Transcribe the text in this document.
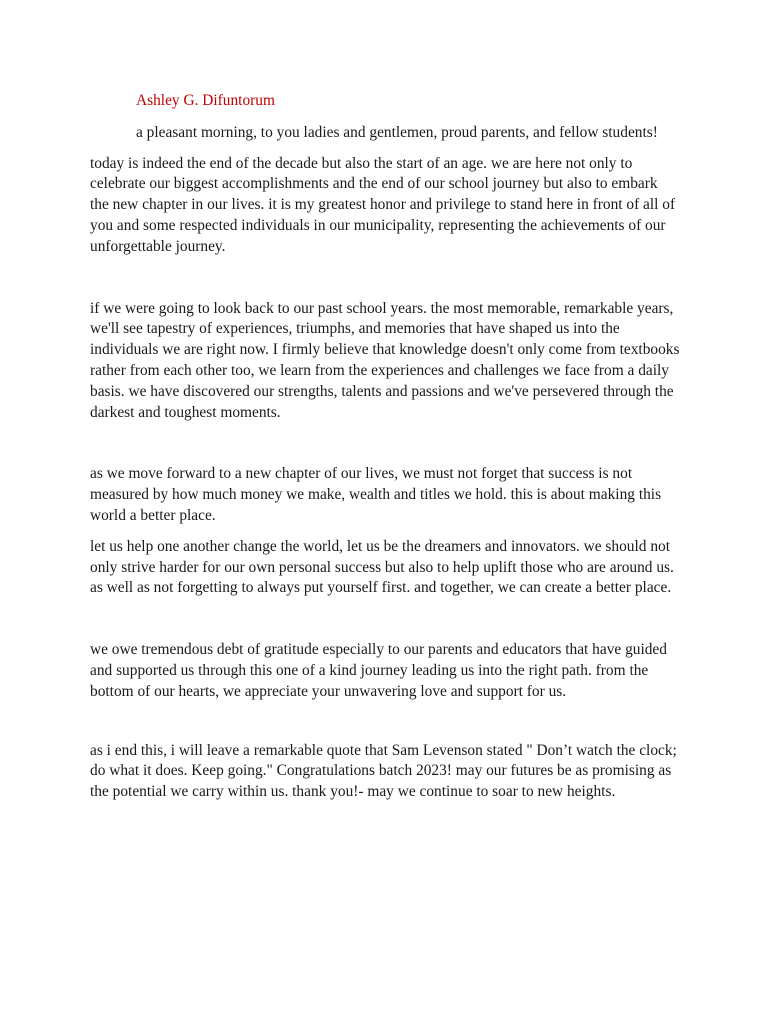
Ashley G. Difuntorum

a pleasant morning, to you ladies and gentlemen, proud parents, and fellow students!

today is indeed the end of the decade but also the start of an age. we are here not only to celebrate our biggest accomplishments and the end of our school journey but also to embark the new chapter in our lives. it is my greatest honor and privilege to stand here in front of all of you and some respected individuals in our municipality, representing the achievements of our unforgettable journey.

if we were going to look back to our past school years. the most memorable, remarkable years, we'll see tapestry of experiences, triumphs, and memories that have shaped us into the individuals we are right now. I firmly believe that knowledge doesn't only come from textbooks rather from each other too, we learn from the experiences and challenges we face from a daily basis. we have discovered our strengths, talents and passions and we've persevered through the darkest and toughest moments.

as we move forward to a new chapter of our lives, we must not forget that success is not measured by how much money we make, wealth and titles we hold. this is about making this world a better place.

let us help one another change the world, let us be the dreamers and innovators. we should not only strive harder for our own personal success but also to help uplift those who are around us. as well as not forgetting to always put yourself first. and together, we can create a better place.

we owe tremendous debt of gratitude especially to our parents and educators that have guided and supported us through this one of a kind journey leading us into the right path. from the bottom of our hearts, we appreciate your unwavering love and support for us.

as i end this, i will leave a remarkable quote that Sam Levenson stated " Don’t watch the clock; do what it does. Keep going." Congratulations batch 2023! may our futures be as promising as the potential we carry within us. thank you!- may we continue to soar to new heights.
